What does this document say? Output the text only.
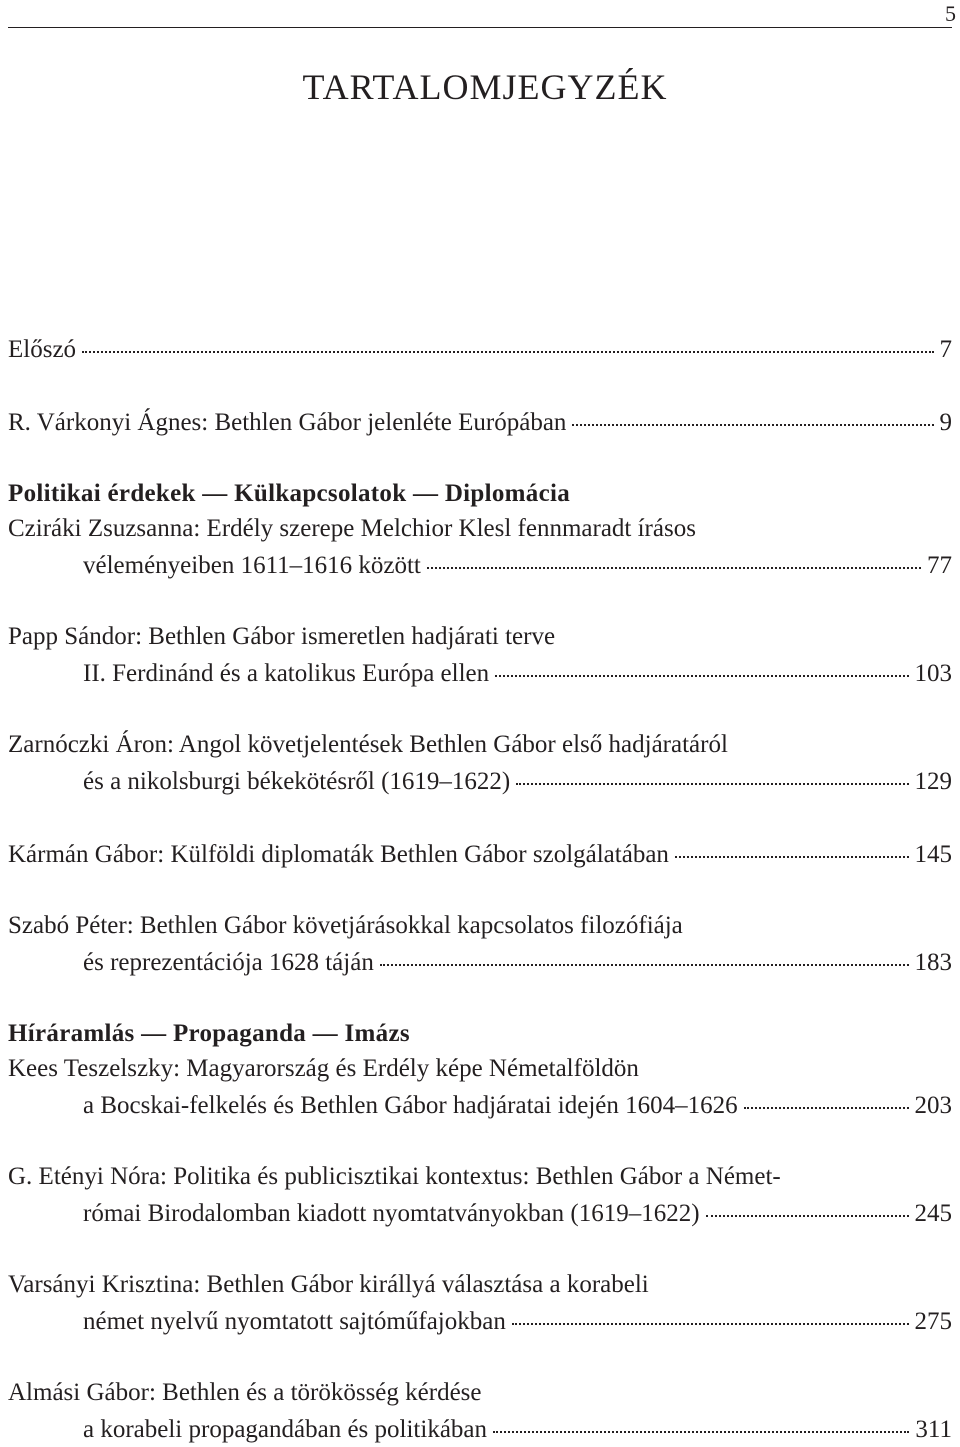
5
TARTALOMJEGYZÉK
Előszó	7
R. Várkonyi Ágnes: Bethlen Gábor jelenléte Európában	9
Politikai érdekek — Külkapcsolatok — Diplomácia
Cziráki Zsuzsanna: Erdély szerepe Melchior Klesl fennmaradt írásos
véleményeiben 1611–1616 között	77
Papp Sándor: Bethlen Gábor ismeretlen hadjárati terve
II. Ferdinánd és a katolikus Európa ellen	103
Zarnóczki Áron: Angol követjelentések Bethlen Gábor első hadjáratáról
és a nikolsburgi békekötésről (1619–1622)	129
Kármán Gábor: Külföldi diplomaták Bethlen Gábor szolgálatában	145
Szabó Péter: Bethlen Gábor követjárásokkal kapcsolatos filozófiája
és reprezentációja 1628 táján	183
Híráramlás — Propaganda — Imázs
Kees Teszelszky: Magyarország és Erdély képe Németalföldön
a Bocskai-felkelés és Bethlen Gábor hadjáratai idején 1604–1626	203
G. Etényi Nóra: Politika és publicisztikai kontextus: Bethlen Gábor a Német-
római Birodalomban kiadott nyomtatványokban (1619–1622)	245
Varsányi Krisztina: Bethlen Gábor királlyá választása a korabeli
német nyelvű nyomtatott sajtóműfajokban	275
Almási Gábor: Bethlen és a törökösség kérdése
a korabeli propagandában és politikában	311
